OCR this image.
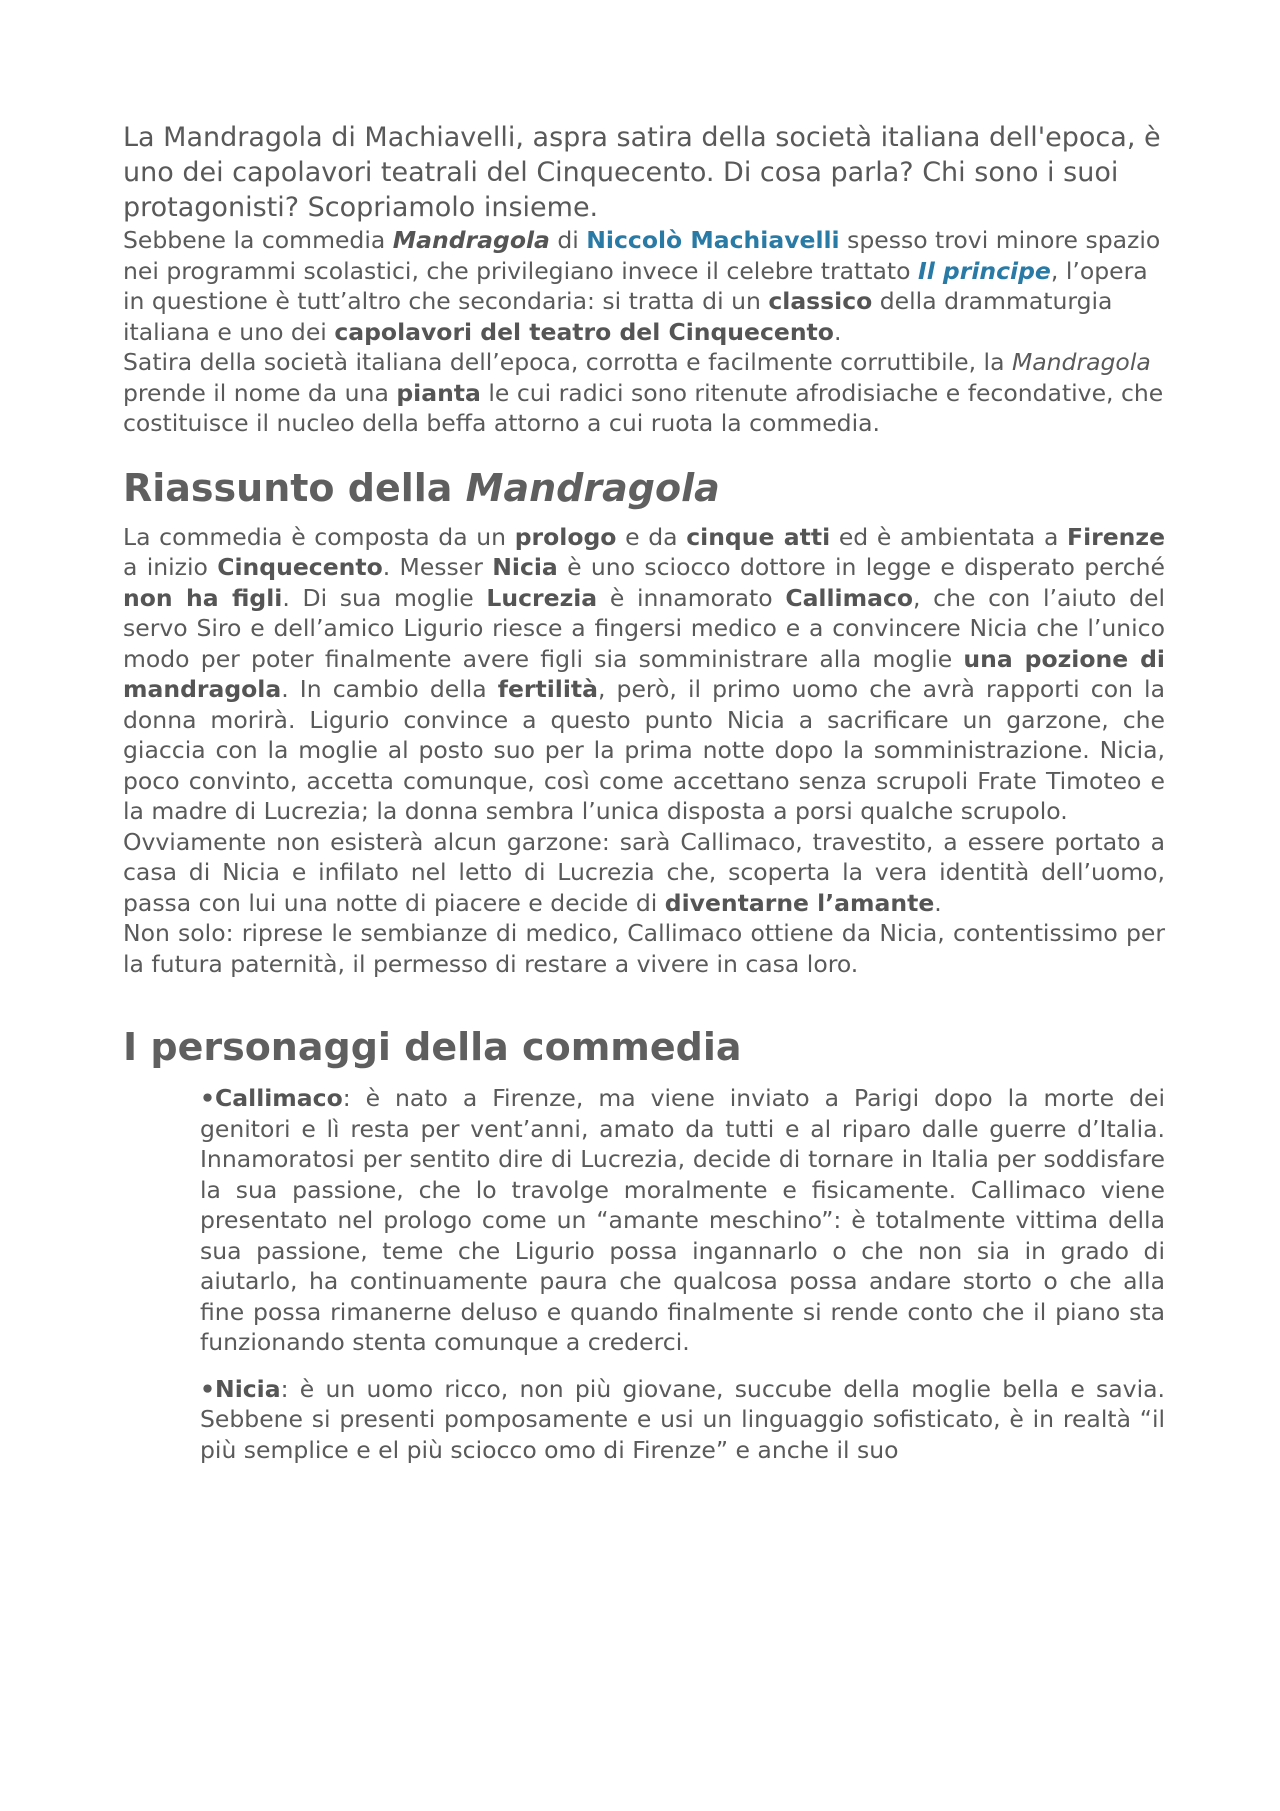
La Mandragola di Machiavelli, aspra satira della società italiana dell'epoca, è uno dei capolavori teatrali del Cinquecento. Di cosa parla? Chi sono i suoi protagonisti? Scopriamolo insieme.

Sebbene la commedia Mandragola di Niccolò Machiavelli spesso trovi minore spazio nei programmi scolastici, che privilegiano invece il celebre trattato Il principe, l’opera in questione è tutt’altro che secondaria: si tratta di un classico della drammaturgia italiana e uno dei capolavori del teatro del Cinquecento.

Satira della società italiana dell’epoca, corrotta e facilmente corruttibile, la Mandragola prende il nome da una pianta le cui radici sono ritenute afrodisiache e fecondative, che costituisce il nucleo della beffa attorno a cui ruota la commedia.

Riassunto della Mandragola

La commedia è composta da un prologo e da cinque atti ed è ambientata a Firenze a inizio Cinquecento. Messer Nicia è uno sciocco dottore in legge e disperato perché non ha figli. Di sua moglie Lucrezia è innamorato Callimaco, che con l’aiuto del servo Siro e dell’amico Ligurio riesce a fingersi medico e a convincere Nicia che l’unico modo per poter finalmente avere figli sia somministrare alla moglie una pozione di mandragola. In cambio della fertilità, però, il primo uomo che avrà rapporti con la donna morirà. Ligurio convince a questo punto Nicia a sacrificare un garzone, che giaccia con la moglie al posto suo per la prima notte dopo la somministrazione. Nicia, poco convinto, accetta comunque, così come accettano senza scrupoli Frate Timoteo e la madre di Lucrezia; la donna sembra l’unica disposta a porsi qualche scrupolo.

Ovviamente non esisterà alcun garzone: sarà Callimaco, travestito, a essere portato a casa di Nicia e infilato nel letto di Lucrezia che, scoperta la vera identità dell’uomo, passa con lui una notte di piacere e decide di diventarne l’amante.

Non solo: riprese le sembianze di medico, Callimaco ottiene da Nicia, contentissimo per la futura paternità, il permesso di restare a vivere in casa loro.

I personaggi della commedia
•Callimaco: è nato a Firenze, ma viene inviato a Parigi dopo la morte dei genitori e lì resta per vent’anni, amato da tutti e al riparo dalle guerre d’Italia. Innamoratosi per sentito dire di Lucrezia, decide di tornare in Italia per soddisfare la sua passione, che lo travolge moralmente e fisicamente. Callimaco viene presentato nel prologo come un “amante meschino”: è totalmente vittima della sua passione, teme che Ligurio possa ingannarlo o che non sia in grado di aiutarlo, ha continuamente paura che qualcosa possa andare storto o che alla fine possa rimanerne deluso e quando finalmente si rende conto che il piano sta funzionando stenta comunque a crederci.
•Nicia: è un uomo ricco, non più giovane, succube della moglie bella e savia. Sebbene si presenti pomposamente e usi un linguaggio sofisticato, è in realtà “il più semplice e el più sciocco omo di Firenze” e anche il suo
